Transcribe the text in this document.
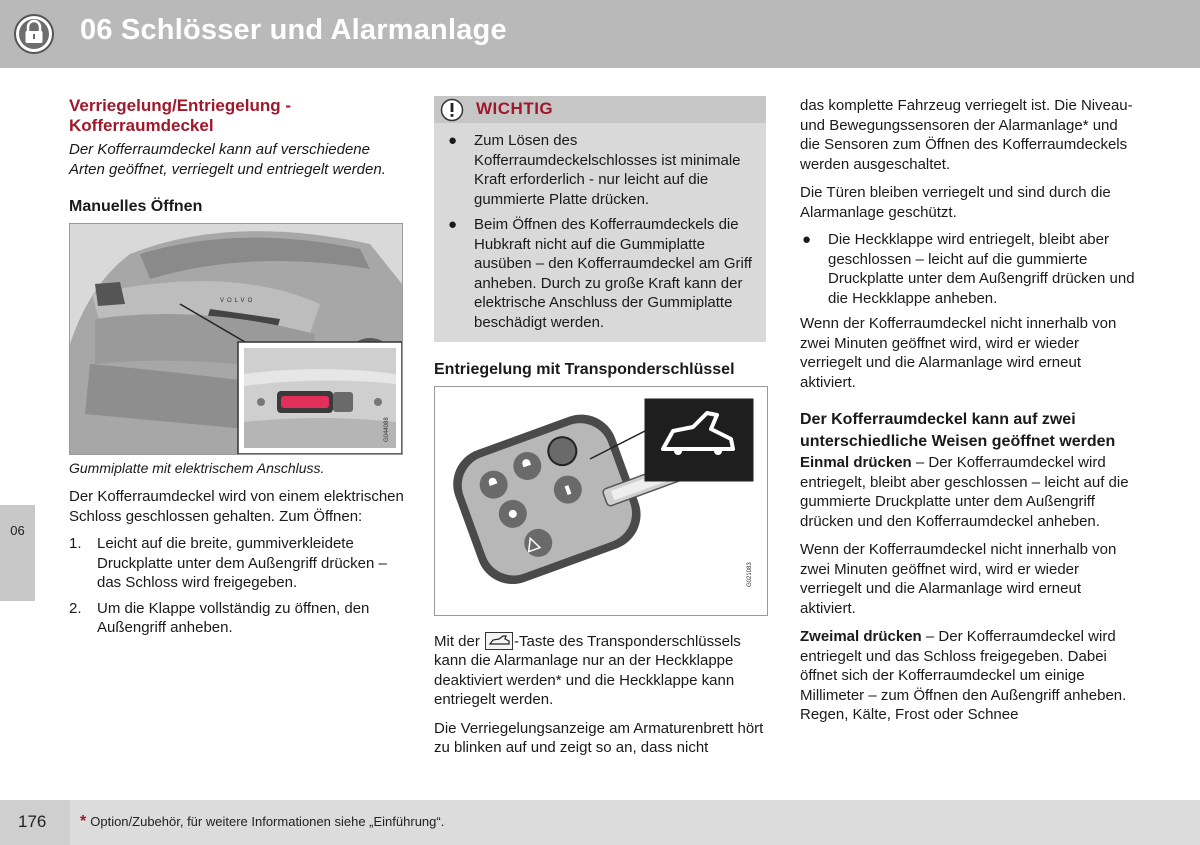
06 Schlösser und Alarmanlage
06
Verriegelung/Entriegelung - Kofferraumdeckel

Der Kofferraumdeckel kann auf verschiedene Arten geöffnet, verriegelt und entriegelt werden.

Manuelles Öffnen
G044088
VOLVO
Gummiplatte mit elektrischem Anschluss.

Der Kofferraumdeckel wird von einem elektrischen Schloss geschlossen gehalten. Zum Öffnen:

1. Leicht auf die breite, gummiverkleidete Druckplatte unter dem Außengriff drücken – das Schloss wird freigegeben.
2. Um die Klappe vollständig zu öffnen, den Außengriff anheben.
WICHTIG
● Zum Lösen des Kofferraumdeckelschlosses ist minimale Kraft erforderlich - nur leicht auf die gummierte Platte drücken.
● Beim Öffnen des Kofferraumdeckels die Hubkraft nicht auf die Gummiplatte ausüben – den Kofferraumdeckel am Griff anheben. Durch zu große Kraft kann der elektrische Anschluss der Gummiplatte beschädigt werden.
Entriegelung mit Transponderschlüssel
G021083

Mit der -Taste des Transponderschlüssels kann die Alarmanlage nur an der Heckklappe deaktiviert werden* und die Heckklappe kann entriegelt werden.

Die Verriegelungsanzeige am Armaturenbrett hört zu blinken auf und zeigt so an, dass nicht

das komplette Fahrzeug verriegelt ist. Die Niveau- und Bewegungssensoren der Alarmanlage* und die Sensoren zum Öffnen des Kofferraumdeckels werden ausgeschaltet.

Die Türen bleiben verriegelt und sind durch die Alarmanlage geschützt.

● Die Heckklappe wird entriegelt, bleibt aber geschlossen – leicht auf die gummierte Druckplatte unter dem Außengriff drücken und die Heckklappe anheben.

Wenn der Kofferraumdeckel nicht innerhalb von zwei Minuten geöffnet wird, wird er wieder verriegelt und die Alarmanlage wird erneut aktiviert.

Der Kofferraumdeckel kann auf zwei unterschiedliche Weisen geöffnet werden

Einmal drücken – Der Kofferraumdeckel wird entriegelt, bleibt aber geschlossen – leicht auf die gummierte Druckplatte unter dem Außengriff drücken und den Kofferraumdeckel anheben.

Wenn der Kofferraumdeckel nicht innerhalb von zwei Minuten geöffnet wird, wird er wieder verriegelt und die Alarmanlage wird erneut aktiviert.

Zweimal drücken – Der Kofferraumdeckel wird entriegelt und das Schloss freigegeben. Dabei öffnet sich der Kofferraumdeckel um einige Millimeter – zum Öffnen den Außengriff anheben. Regen, Kälte, Frost oder Schnee

176 * Option/Zubehör, für weitere Informationen siehe „Einführung“.
